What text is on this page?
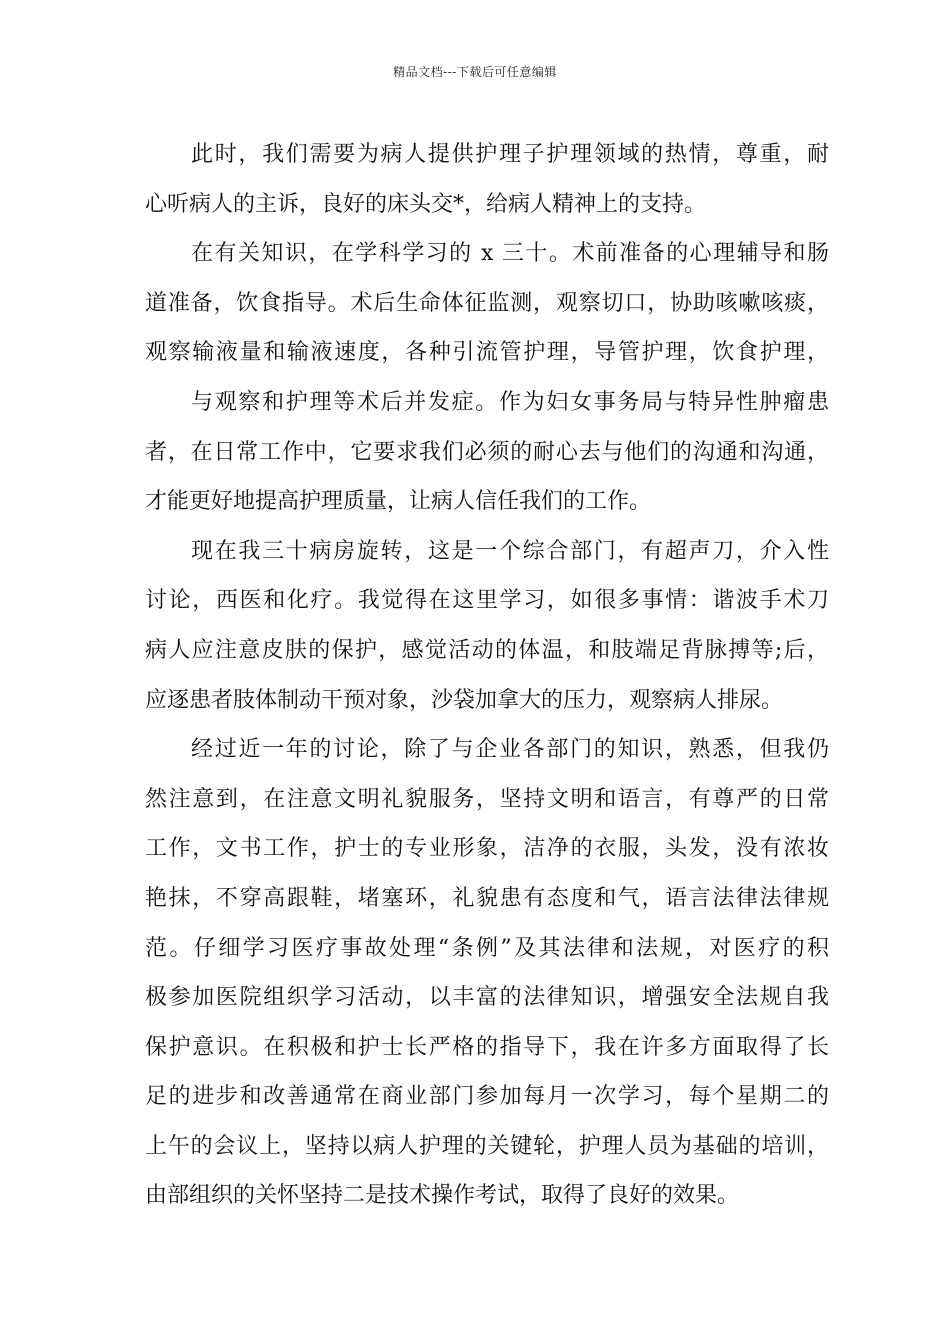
精品文档---下载后可任意编辑
此时，我们需要为病人提供护理子护理领域的热情，尊重，耐
心听病人的主诉，良好的床头交*，给病人精神上的支持。
在有关知识，在学科学习的 x 三十。术前准备的心理辅导和肠
道准备，饮食指导。术后生命体征监测，观察切口，协助咳嗽咳痰，
观察输液量和输液速度，各种引流管护理，导管护理，饮食护理，
与观察和护理等术后并发症。作为妇女事务局与特异性肿瘤患
者，在日常工作中，它要求我们必须的耐心去与他们的沟通和沟通，
才能更好地提高护理质量，让病人信任我们的工作。
现在我三十病房旋转，这是一个综合部门，有超声刀，介入性
讨论，西医和化疗。我觉得在这里学习，如很多事情：谐波手术刀
病人应注意皮肤的保护，感觉活动的体温，和肢端足背脉搏等;后，
应逐患者肢体制动干预对象，沙袋加拿大的压力，观察病人排尿。
经过近一年的讨论，除了与企业各部门的知识，熟悉，但我仍
然注意到，在注意文明礼貌服务，坚持文明和语言，有尊严的日常
工作，文书工作，护士的专业形象，洁净的衣服，头发，没有浓妆
艳抹，不穿高跟鞋，堵塞环，礼貌患有态度和气，语言法律法律规
范。仔细学习医疗事故处理“条例”及其法律和法规，对医疗的积
极参加医院组织学习活动，以丰富的法律知识，增强安全法规自我
保护意识。在积极和护士长严格的指导下，我在许多方面取得了长
足的进步和改善通常在商业部门参加每月一次学习，每个星期二的
上午的会议上，坚持以病人护理的关键轮，护理人员为基础的培训，
由部组织的关怀坚持二是技术操作考试，取得了良好的效果。
